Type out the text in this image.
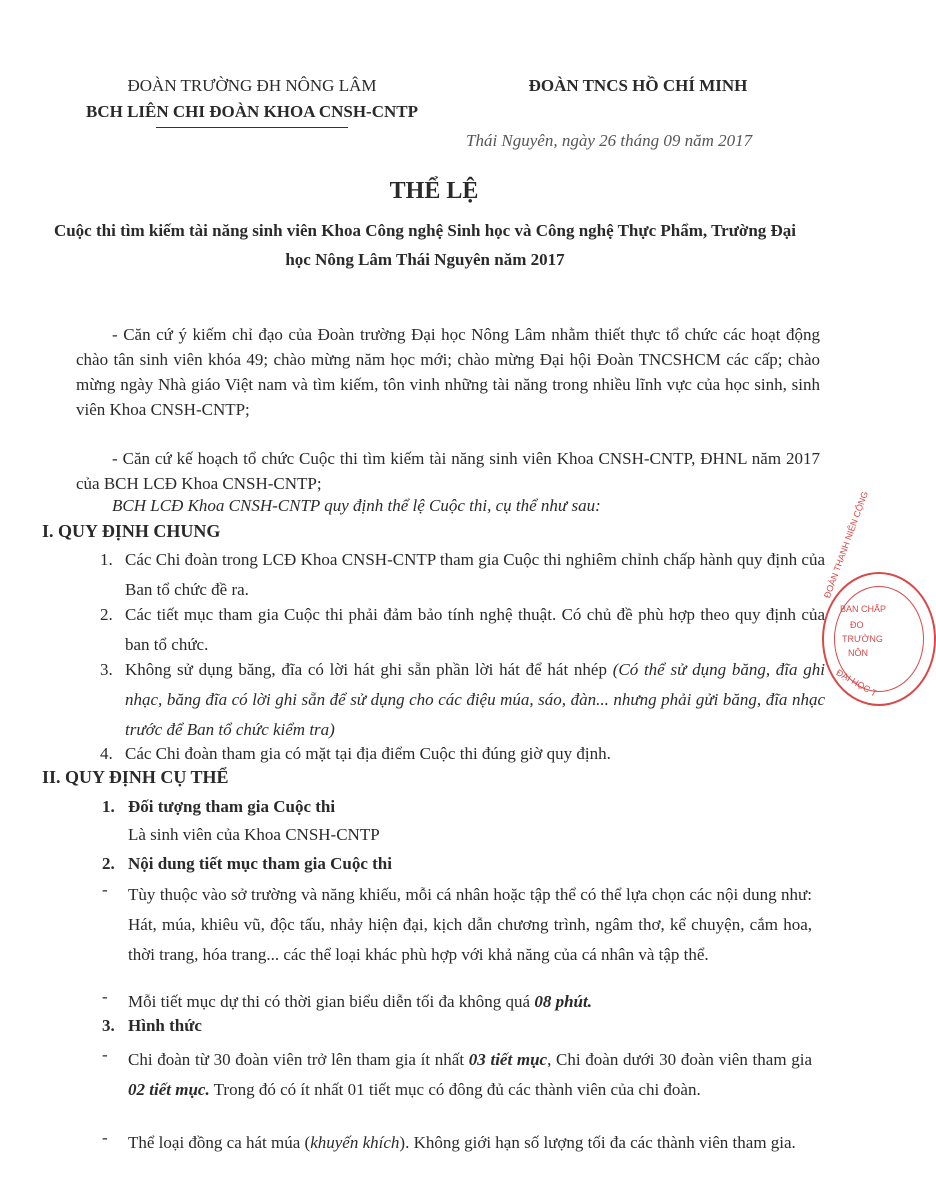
ĐOÀN TRƯỜNG ĐH NÔNG LÂM
BCH LIÊN CHI ĐOÀN KHOA CNSH-CNTP
ĐOÀN TNCS HỒ CHÍ MINH
Thái Nguyên, ngày 26 tháng 09 năm 2017
THỂ LỆ
Cuộc thi tìm kiếm tài năng sinh viên Khoa Công nghệ Sinh học và Công nghệ Thực Phẩm, Trường Đại học Nông Lâm Thái Nguyên năm 2017
- Căn cứ ý kiếm chỉ đạo của Đoàn trường Đại học Nông Lâm nhằm thiết thực tổ chức các hoạt động chào tân sinh viên khóa 49; chào mừng năm học mới; chào mừng Đại hội Đoàn TNCSHCM các cấp; chào mừng ngày Nhà giáo Việt nam và tìm kiếm, tôn vinh những tài năng trong nhiều lĩnh vực của học sinh, sinh viên Khoa CNSH-CNTP;
- Căn cứ kế hoạch tổ chức Cuộc thi tìm kiếm tài năng sinh viên Khoa CNSH-CNTP, ĐHNL năm 2017 của BCH LCĐ Khoa CNSH-CNTP;
BCH LCĐ Khoa CNSH-CNTP quy định thể lệ Cuộc thi, cụ thể như sau:
I. QUY ĐỊNH CHUNG
1. Các Chi đoàn trong LCĐ Khoa CNSH-CNTP tham gia Cuộc thi nghiêm chỉnh chấp hành quy định của Ban tổ chức đề ra.
2. Các tiết mục tham gia Cuộc thi phải đảm bảo tính nghệ thuật. Có chủ đề phù hợp theo quy định của ban tổ chức.
3. Không sử dụng băng, đĩa có lời hát ghi sẵn phần lời hát để hát nhép (Có thể sử dụng băng, đĩa ghi nhạc, băng đĩa có lời ghi sẵn để sử dụng cho các điệu múa, sáo, đàn... nhưng phải gửi băng, đĩa nhạc trước để Ban tổ chức kiểm tra)
4. Các Chi đoàn tham gia có mặt tại địa điểm Cuộc thi đúng giờ quy định.
II. QUY ĐỊNH CỤ THỂ
1. Đối tượng tham gia Cuộc thi
Là sinh viên của Khoa CNSH-CNTP
2. Nội dung tiết mục tham gia Cuộc thi
- Tùy thuộc vào sở trường và năng khiếu, mỗi cá nhân hoặc tập thể có thể lựa chọn các nội dung như: Hát, múa, khiêu vũ, độc tấu, nhảy hiện đại, kịch dẫn chương trình, ngâm thơ, kể chuyện, cắm hoa, thời trang, hóa trang... các thể loại khác phù hợp với khả năng của cá nhân và tập thể.
- Mỗi tiết mục dự thi có thời gian biểu diễn tối đa không quá 08 phút.
3. Hình thức
- Chi đoàn từ 30 đoàn viên trở lên tham gia ít nhất 03 tiết mục, Chi đoàn dưới 30 đoàn viên tham gia 02 tiết mục. Trong đó có ít nhất 01 tiết mục có đông đủ các thành viên của chi đoàn.
- Thể loại đồng ca hát múa (khuyến khích). Không giới hạn số lượng tối đa các thành viên tham gia.
BAN CHẤP
ĐO
TRƯỜNG
NÔN
ĐOÀN THANH NIÊN CỘNG
ĐẠI HỌC T
